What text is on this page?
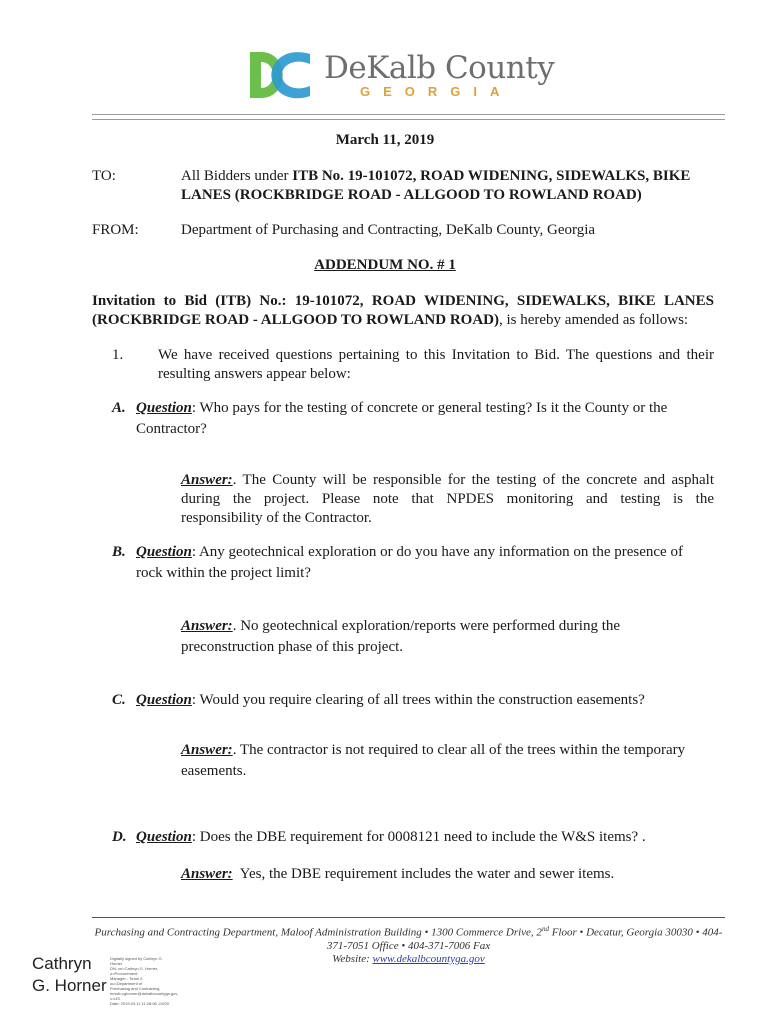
DeKalb County
GEORGIA
March 11, 2019
TO:	All Bidders under ITB No. 19-101072, ROAD WIDENING, SIDEWALKS, BIKE
LANES (ROCKBRIDGE ROAD - ALLGOOD TO ROWLAND ROAD)
FROM:	Department of Purchasing and Contracting, DeKalb County, Georgia
ADDENDUM NO. # 1
Invitation to Bid (ITB) No.: 19-101072, ROAD WIDENING, SIDEWALKS, BIKE LANES
(ROCKBRIDGE ROAD - ALLGOOD TO ROWLAND ROAD), is hereby amended as follows:
1. We have received questions pertaining to this Invitation to Bid. The questions and their
resulting answers appear below:
A. Question: Who pays for the testing of concrete or general testing? Is it the County or the
Contractor?
Answer:. The County will be responsible for the testing of the concrete and asphalt
during the project. Please note that NPDES monitoring and testing is the
responsibility of the Contractor.
B. Question: Any geotechnical exploration or do you have any information on the presence of
rock within the project limit?
Answer:. No geotechnical exploration/reports were performed during the
preconstruction phase of this project.
C. Question: Would you require clearing of all trees within the construction easements?
Answer:. The contractor is not required to clear all of the trees within the temporary
easements.
D. Question: Does the DBE requirement for 0008121 need to include the W&S items? .
Answer:  Yes, the DBE requirement includes the water and sewer items.
Purchasing and Contracting Department, Maloof Administration Building • 1300 Commerce Drive, 2nd Floor • Decatur, Georgia 30030 • 404-
371-7051 Office • 404-371-7006 Fax
Website: www.dekalbcountyga.gov
Cathryn
G. Horner
Digitally signed by Cathryn G. Horner
DN: cn=Cathryn G. Horner, o=Procurement
Manager - Team 2, ou=Department of
Purchasing and Contracting,
email=cghorner@dekalbcountyga.gov,
c=US
Date: 2019.03.11 11:28:06 -04'00'
